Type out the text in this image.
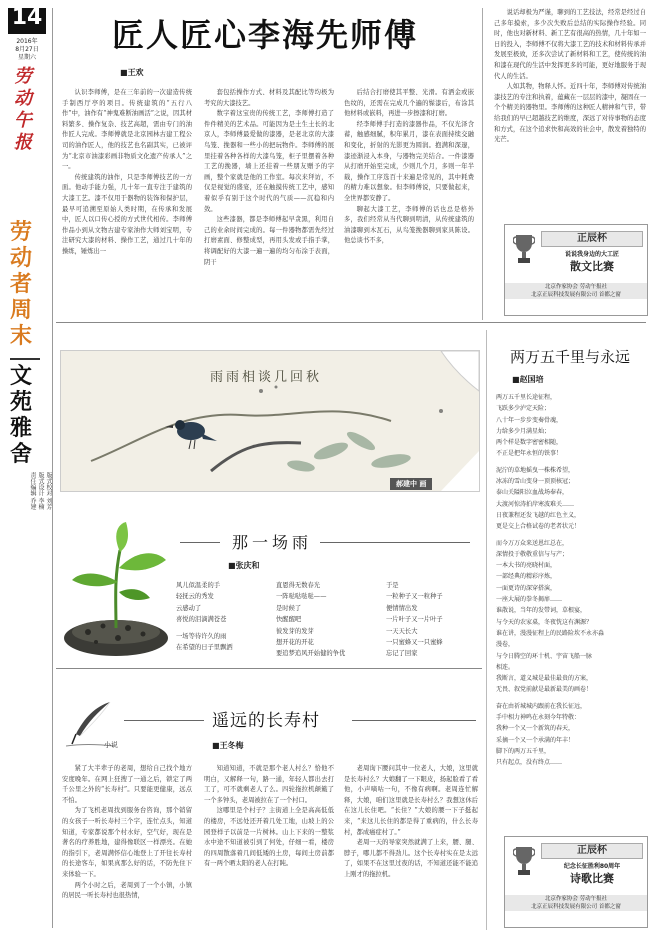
14
2016年
8月27日
星期六
劳动午报
劳动者周末
文苑雅舍
版式校对 刘芳
版式设计 李楠
责任编辑 乔建
匠人匠心李海先师傅
■王欢

认识李师傅，是在三年前的一次建造传统手制西厅亭的项目。传统建筑的“五行八作”中，油作有“神鬼难断油画活”之说，因其材料繁多、操作复杂、技艺高超，需由专门的油作匠人完成。李师傅就是北京园林古建工程公司的油作匠人，他的技艺也名副其实，已被评为“北京市油漆彩画非物质文化遗产传承人”之一。

传统建筑的油作，只是李师傅技艺的一方面。他动手能力强，几十年一直专注于建筑的大漆工艺。漆不仅用于器物的装饰和保护层，最早可追溯至原始人类时期，在传承和发展中，匠人以口传心授的方式世代相传。李师傅作品小到从文物古建专家油作大师刘宝明，专注研究大漆的材料、操作工艺，通过几十年的操练，锤炼出一

套包括操作方式、材料及其配比等均极为考究的大漆技艺。

数字着这宝贵的传统工艺，李师傅打造了件件精美的艺术品。可能因为是土生土长的北京人，李师傅最爱做的漆器，是老北京的大漆鸟笼、挽器和一些小的把玩物件。李师傅的展里挂着各种各样的大漆鸟笼，柜子里摆着各种工艺的挽器，墙上还挂着一些朋友赠予的字画，整个家就是他的工作室。每次来拜访，不仅是视觉的盛宴，还在触摸传统工艺中，感知着似乎有别于这个时代的气质——沉稳和内敛。

这些漆器，都是李师傅起早贪黑，利用自己的业余时间完成的。每一件器物都需先经过打磨素面、修整成型，再用头发或手指手掌，将调配好的大漆一遍一遍的均匀布涂于表面，阴干

后结合打磨使其平整、光滑。有洒金或嵌色纹的，还需在完成几个遍的髹漆后，布涂其他材料或嵌料，再进一步擦漆和打磨。

经李师傅手打造的漆器作品，不仅光泽含蓄，触感细腻，积年累月，漆在表面持续交融和变化，折射的光影更为圆润。抱满和深邃，漆迹渐浸入本身，与器物完美结合。一件漆器从打磨开始至完成，少则几个月，多则一年半载，操作工序选百十来遍是常见的，其中耗费的精力难以想象。但李师傅说，只要做起来，全世界都安静了。

聊起大漆工艺，李师傅的话也总是格外多，我们经常从当代聊到明清，从传统建筑的油漆聊到木瓦石，从鸟笼挽器聊到家具陈设。他总谈书不多，

说话却极为严谨，聊到的工艺技法，经常是经过自己多年摸索，多少次失败后总结的实际操作经验。同时，他也对新材料、新工艺有很高的热情，几十年如一日的投入，李师傅不仅将大漆工艺的技术和材料传承并发展至极致，还多次尝试了新材料和工艺，使传统的油和漆在现代的生活中发挥更多的可能，更好地服务于现代人的生活。

人如其物，物释人怀。近四十年，李师傅对传统油漆技艺的专注和执着，蕴藏在一层层的漆中，凝固在一个个精美的器物里。李师傅的这种匠人精神和气节，带给我们的早已超越技艺的维度，深远了对待事物的态度和方式，在这个追求快和高效的社会中，散发着独特的光芒。

正辰杯
说说我身边的大工匠
散文比赛
北京作家协会 劳动午报社
北京正辰科技发展有限公司 首都之窗
雨雨相谈几回秋
郝建中 画
两万五千里与永远
■赵国培
两万五千里长途征程，
飞跃多少泸定天险；
八十年一步步变奏骨魂，
力给多少月满星灿；
两个样是数字密密相随，
不正是把年永恒的铁事！
泥泞的草地摇曳一株株希望，
冰冻的雪山变身一顶顶核冠；
泰山关隘阳泣血战场奉春，
大渡河惊涛拍岸寒波难关……
日夜兼程还发飞越的红色主义，
更是交上合格试卷的老者状元！
而今万万众来送恩红总在，
深情投于敬敬重信与与产；
一本大书的亮晓村面，
一部经典的精彩序炼，
一面更诗的深穿搭演，
一座大展的拳冬揭扉……
谁散说，当年的发带词，草根宴，
与令天的农家桌，冬夜恍这有渊源？
谁在讲，漫漫征程上的民路险坎不永亦淼
漫卷，
与令日腾空的环十机、宇宙飞船一脉
相连。
我断言，道义城是最佳最贵的方案，
无畏、叙党前献是最新最美的画卷！
奋在由祈城城内跟前在我长征远，
手中相力神鸣在永刻今年特敬：
我种一个又一个新筑的春天，
采摘一个又一个承满的年丰！
脚下的两万五千里，
只有起点，没有终点……
正辰杯
纪念长征胜利80周年
诗歌比赛
北京作家协会 劳动午报社
北京正辰科技发展有限公司 首都之窗
那一场雨
■张庆和
风儿似温柔的手
轻抚云的秀发
云感动了
喜悦的泪滴满苍苍
一场等待许久的雨
在希望的日子里飘洒
直恩得无数春光
一阵哒哒哒哒——
是时候了
快醒醒吧
彼发芽的发芽
想开花的开花
要追梦追风开始健的争优
于是
一粒种子又一粒种子
便情情出发
一片叶子又一片叶子
一天天长大
一只蜜蜂又一只蜜蜂
忘记了回家
小说
遥远的长寿村
■王冬梅

紧了大半辈子的老周，想给自己找个地方安度晚年。在网上狂搜了一通之后，锁定了两千公里之外的“长寿村”。只要能更健康，远点不怕。

为了飞机老周找到服务台咨询，那个销留的女孩子一听长寿村三个字，连忙点头，知道知道，专家都说那个村水好，空气好，现在是著名的疗养胜地，建得像联区一样漂亮。在她的指引下，老周满怀信心地登上了开往长寿村的长途客车，如果真那么好的话，不防先住下来体验一下。

两个小时之后，老周到了一个小镇，小镇的居民一听长寿村也很热情，

知道知道，不就是那个老人村么？恰他不明白，又解释一句，路一通，年轻人都出去打工了，可不就剩老人了么。四轮拖拉机颠簸了一个多钟头，老周被拉在了一个村口。

这哪里是个村子？主街道上全是高高低低的楼房，不远处还开着几处工地，山坡上的公园登样子以前是一片树林。山上下来的一整浆水中途不知道被引到了何处，仔细一看，楼房的四周散落着几间低矮的土房，每间土房前都有一两个晒太阳的老人在打盹。

老周询下腰问其中一位老人，大娘，这里就是长寿村么？大娘翻了一下眼皮，扬起脸看了看他，小声嘀咕一句，不像有病啊。老周连忙解释，大娘，咱们这里就是长寿村么？我想这休后在这儿长住吧。“长住？”大娘的腰一下子挺起来，“来这儿长住的都是得了重病的，什么长寿村，都成癌症村了。”

老周一天的导家突然就满了上来，腰、腿、脖子，哪儿都不得劲儿。这个长寿村实在是太远了，如果不在这里过夜的话，不知道还能不能追上刚才的拖拉机。
